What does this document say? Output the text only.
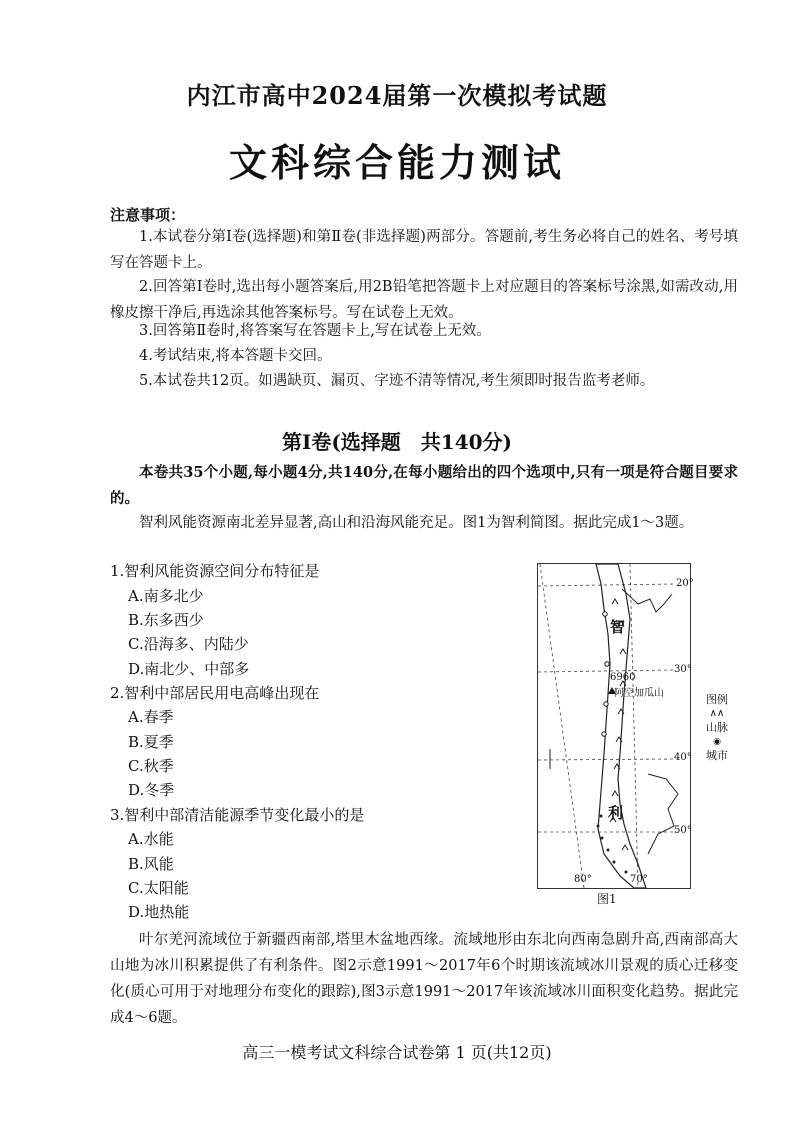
内江市高中2024届第一次模拟考试题
文科综合能力测试
注意事项：
1.本试卷分第Ⅰ卷(选择题)和第Ⅱ卷(非选择题)两部分。答题前,考生务必将自己的姓名、考号填写在答题卡上。
2.回答第Ⅰ卷时,选出每小题答案后,用2B铅笔把答题卡上对应题目的答案标号涂黑,如需改动,用橡皮擦干净后,再选涂其他答案标号。写在试卷上无效。
3.回答第Ⅱ卷时,将答案写在答题卡上,写在试卷上无效。
4.考试结束,将本答题卡交回。
5.本试卷共12页。如遇缺页、漏页、字迹不清等情况,考生须即时报告监考老师。
第Ⅰ卷(选择题　共140分)
本卷共35个小题,每小题4分,共140分,在每小题给出的四个选项中,只有一项是符合题目要求的。
智利风能资源南北差异显著,高山和沿海风能充足。图1为智利简图。据此完成1～3题。
1.智利风能资源空间分布特征是
A.南多北少
B.东多西少
C.沿海多、内陆少
D.南北少、中部多
2.智利中部居民用电高峰出现在
A.春季
B.夏季
C.秋季
D.冬季
3.智利中部清洁能源季节变化最小的是
A.水能
B.风能
C.太阳能
D.地热能
智
利
6960
阿空加瓜山
20°
30°
40°
50°
80°	70°
图1
图例
∧∧
山脉
◉
城市
叶尔羌河流域位于新疆西南部,塔里木盆地西缘。流域地形由东北向西南急剧升高,西南部高大山地为冰川积累提供了有利条件。图2示意1991～2017年6个时期该流域冰川景观的质心迁移变化(质心可用于对地理分布变化的跟踪),图3示意1991～2017年该流域冰川面积变化趋势。据此完成4～6题。
高三一模考试文科综合试卷第 1 页(共12页)
